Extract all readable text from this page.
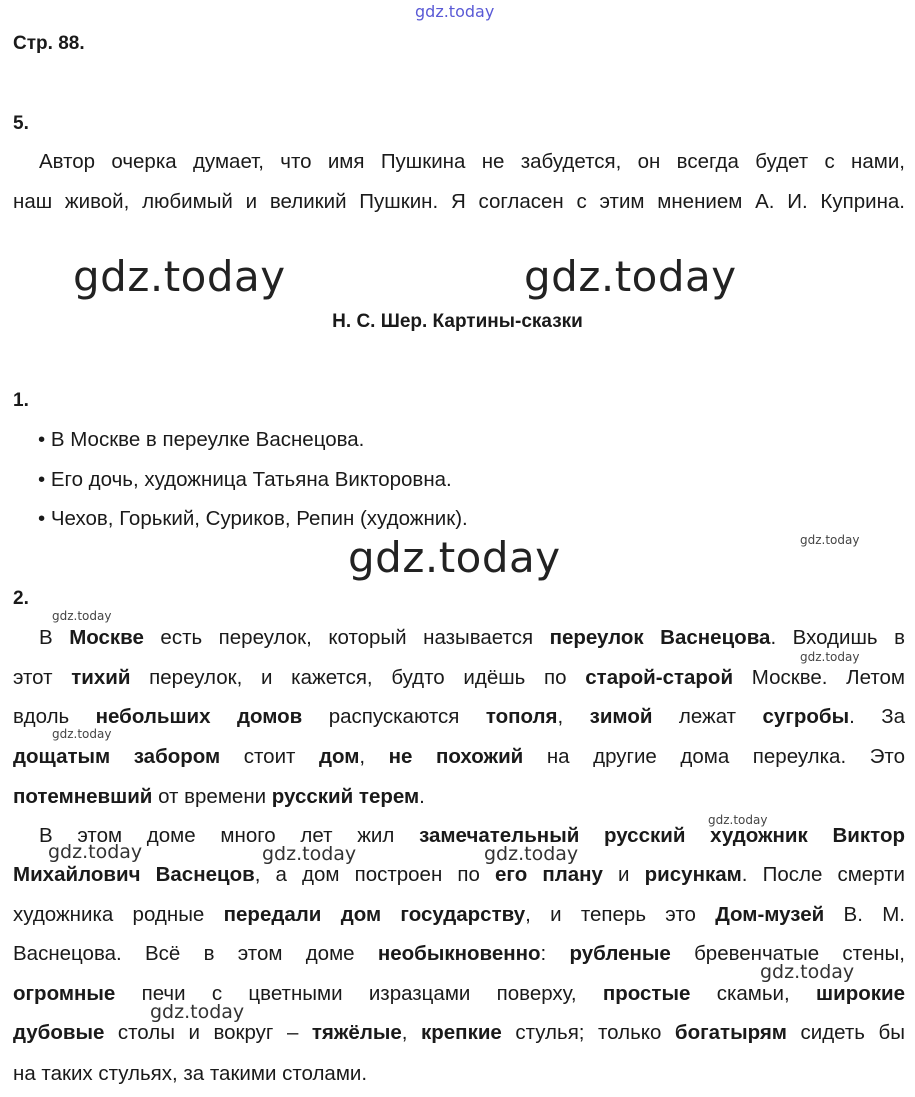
gdz.today
Стр. 88.
5.
Автор очерка думает, что имя Пушкина не забудется, он всегда будет с нами,
наш живой, любимый и великий Пушкин. Я согласен с этим мнением А. И. Куприна.
gdz.today	gdz.today
Н. С. Шер. Картины-сказки
1.
• В Москве в переулке Васнецова.
• Его дочь, художница Татьяна Викторовна.
• Чехов, Горький, Суриков, Репин (художник).
gdz.today	gdz.today
2.
gdz.today
В Москве есть переулок, который называется переулок Васнецова. Входишь в
этот тихий переулок, и кажется, будто идёшь по старой-старой Москве. Летом
вдоль небольших домов распускаются тополя, зимой лежат сугробы. За
дощатым забором стоит дом, не похожий на другие дома переулка. Это
потемневший от времени русский терем.
В этом доме много лет жил замечательный русский художник Виктор
Михайлович Васнецов, а дом построен по его плану и рисункам. После смерти
художника родные передали дом государству, и теперь это Дом-музей В. М.
Васнецова. Всё в этом доме необыкновенно: рубленые бревенчатые стены,
огромные печи с цветными изразцами поверху, простые скамьи, широкие
дубовые столы и вокруг – тяжёлые, крепкие стулья; только богатырям сидеть бы
на таких стульях, за такими столами.
gdz.today
gdz.today
gdz.today
gdz.today	gdz.today	gdz.today
gdz.today
gdz.today
